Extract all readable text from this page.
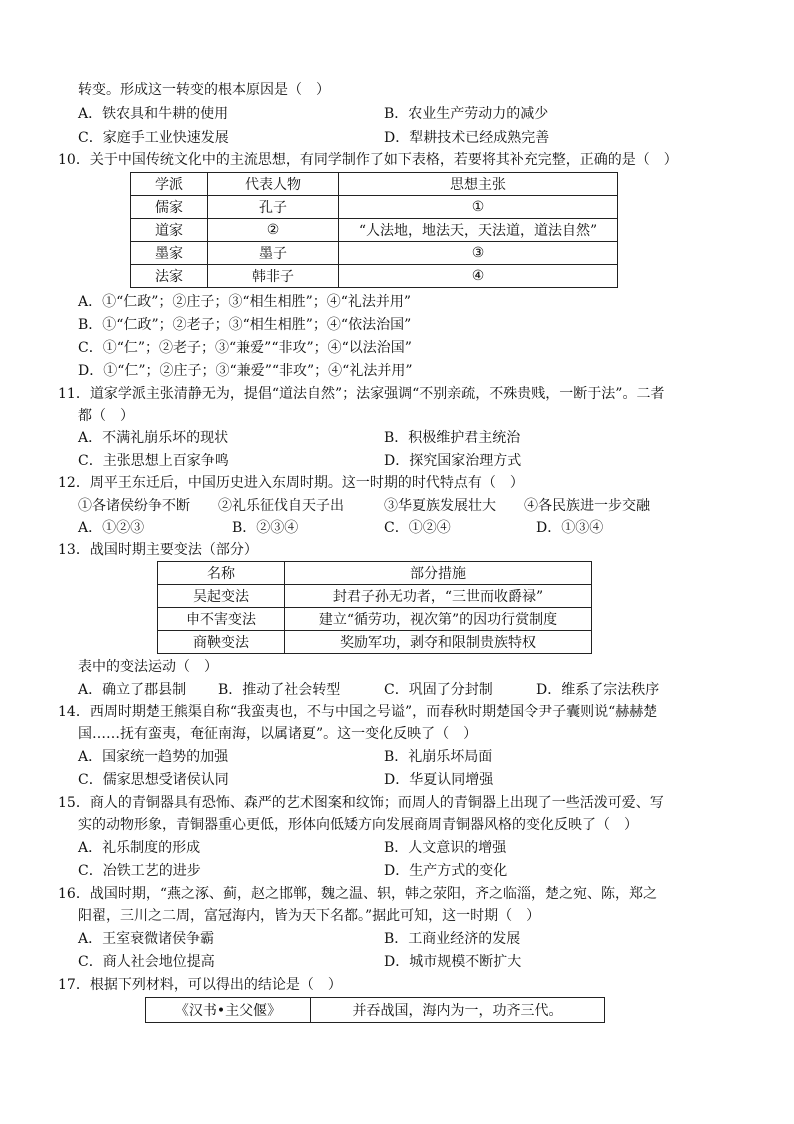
转变。形成这一转变的根本原因是（　）
A．铁农具和牛耕的使用	B．农业生产劳动力的减少
C．家庭手工业快速发展	D．犁耕技术已经成熟完善
10．关于中国传统文化中的主流思想，有同学制作了如下表格，若要将其补充完整，正确的是（　）
学派	代表人物	思想主张
儒家	孔子	①
道家	②	“人法地，地法天，天法道，道法自然”
墨家	墨子	③
法家	韩非子	④
A．①“仁政”；②庄子；③“相生相胜”；④“礼法并用”
B．①“仁政”；②老子；③“相生相胜”；④“依法治国”
C．①“仁”；②老子；③“兼爱”“非攻”；④“以法治国”
D．①“仁”；②庄子；③“兼爱”“非攻”；④“礼法并用”
11．道家学派主张清静无为，提倡“道法自然”；法家强调“不别亲疏，不殊贵贱，一断于法”。二者
都（　）
A．不满礼崩乐坏的现状	B．积极维护君主统治
C．主张思想上百家争鸣	D．探究国家治理方式
12．周平王东迁后，中国历史进入东周时期。这一时期的时代特点有（　）
①各诸侯纷争不断 ②礼乐征伐自天子出	③华夏族发展壮大 ④各民族进一步交融
A．①②③	B．②③④	C．①②④	D．①③④
13．战国时期主要变法（部分）
名称	部分措施
吴起变法	封君子孙无功者，“三世而收爵禄”
申不害变法	建立“循劳功，视次第”的因功行赏制度
商鞅变法	奖励军功，剥夺和限制贵族特权
表中的变法运动（　）
A．确立了郡县制 B．推动了社会转型	C．巩固了分封制	D．维系了宗法秩序
14．西周时期楚王熊渠自称“我蛮夷也，不与中国之号谥”，而春秋时期楚国令尹子囊则说“赫赫楚
国……抚有蛮夷，奄征南海，以属诸夏”。这一变化反映了（　）
A．国家统一趋势的加强	B．礼崩乐坏局面
C．儒家思想受诸侯认同	D．华夏认同增强
15．商人的青铜器具有恐怖、森严的艺术图案和纹饰；而周人的青铜器上出现了一些活泼可爱、写
实的动物形象，青铜器重心更低，形体向低矮方向发展商周青铜器风格的变化反映了（　）
A．礼乐制度的形成	B．人文意识的增强
C．冶铁工艺的进步	D．生产方式的变化
16．战国时期，“燕之涿、蓟，赵之邯郸，魏之温、轵，韩之荥阳，齐之临淄，楚之宛、陈，郑之
阳翟，三川之二周，富冠海内，皆为天下名都。”据此可知，这一时期（　）
A．王室衰微诸侯争霸	B．工商业经济的发展
C．商人社会地位提高	D．城市规模不断扩大
17．根据下列材料，可以得出的结论是（　）
《汉书•主父偃》	并吞战国，海内为一，功齐三代。
